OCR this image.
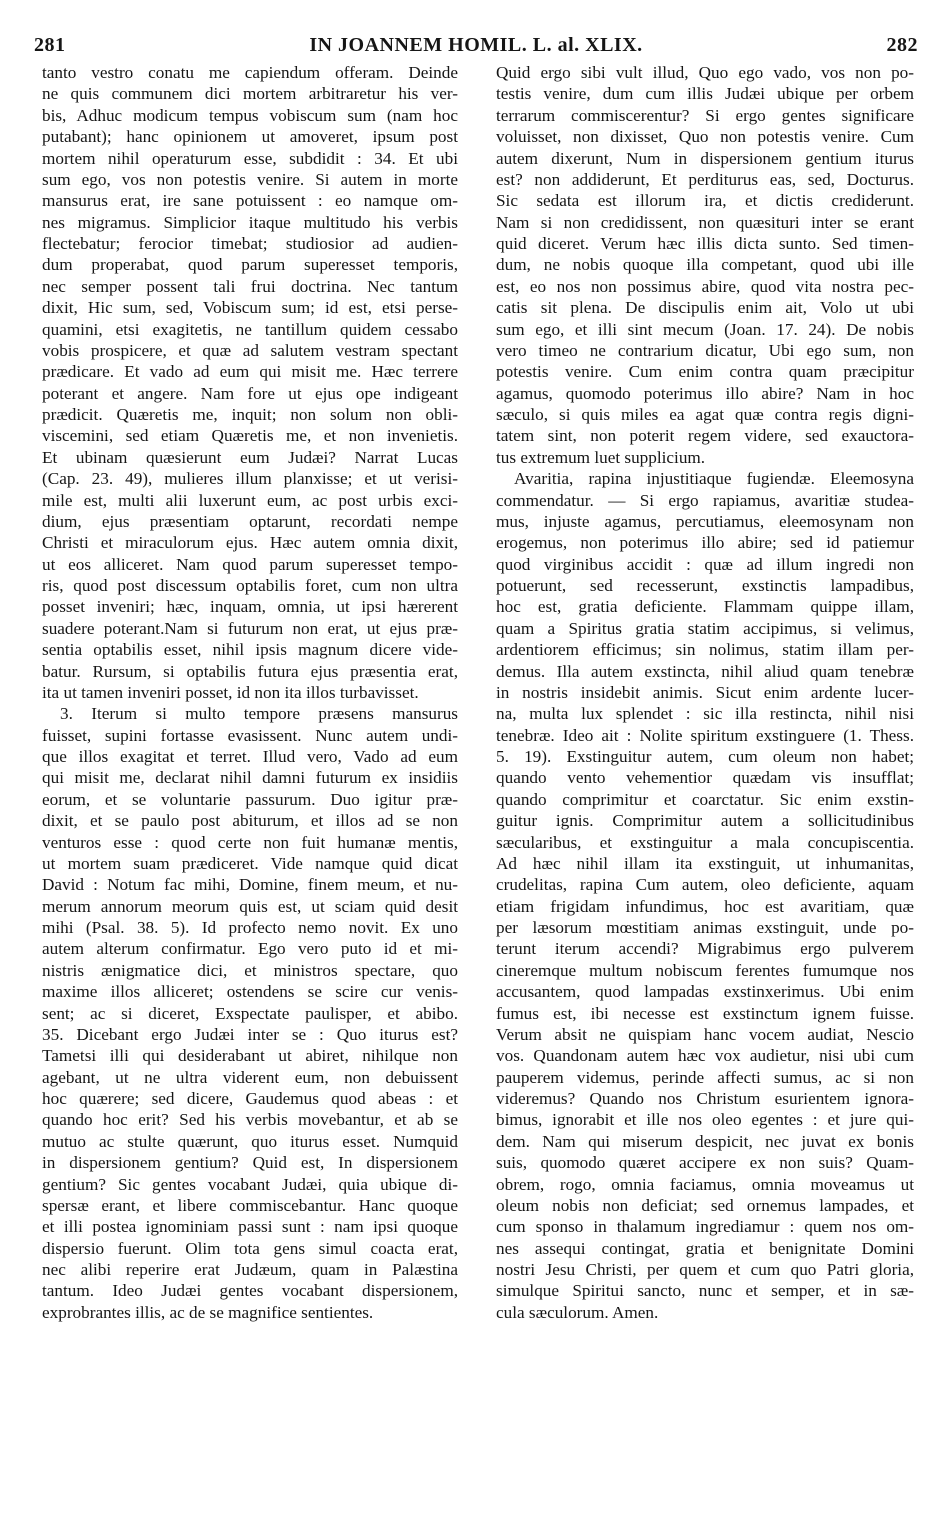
281	IN JOANNEM HOMIL. L. al. XLIX.	282
tanto vestro conatu me capiendum offeram. Deinde
ne quis communem dici mortem arbitraretur his ver-
bis, Adhuc modicum tempus vobiscum sum (nam hoc
putabant); hanc opinionem ut amoveret, ipsum post
mortem nihil operaturum esse, subdidit : 34. Et ubi
sum ego, vos non potestis venire. Si autem in morte
mansurus erat, ire sane potuissent : eo namque om-
nes migramus. Simplicior itaque multitudo his verbis
flectebatur; ferocior timebat; studiosior ad audien-
dum properabat, quod parum superesset temporis,
nec semper possent tali frui doctrina. Nec tantum
dixit, Hic sum, sed, Vobiscum sum; id est, etsi perse-
quamini, etsi exagitetis, ne tantillum quidem cessabo
vobis prospicere, et quæ ad salutem vestram spectant
prædicare. Et vado ad eum qui misit me. Hæc terrere
poterant et angere. Nam fore ut ejus ope indigeant
prædicit. Quæretis me, inquit; non solum non obli-
viscemini, sed etiam Quæretis me, et non invenietis.
Et ubinam quæsierunt eum Judæi? Narrat Lucas
(Cap. 23. 49), mulieres illum planxisse; et ut verisi-
mile est, multi alii luxerunt eum, ac post urbis exci-
dium, ejus præsentiam optarunt, recordati nempe
Christi et miraculorum ejus. Hæc autem omnia dixit,
ut eos alliceret. Nam quod parum superesset tempo-
ris, quod post discessum optabilis foret, cum non ultra
posset inveniri; hæc, inquam, omnia, ut ipsi hærerent
suadere poterant.Nam si futurum non erat, ut ejus præ-
sentia optabilis esset, nihil ipsis magnum dicere vide-
batur. Rursum, si optabilis futura ejus præsentia erat,
ita ut tamen inveniri posset, id non ita illos turbavisset.
3. Iterum si multo tempore præsens mansurus
fuisset, supini fortasse evasissent. Nunc autem undi-
que illos exagitat et terret. Illud vero, Vado ad eum
qui misit me, declarat nihil damni futurum ex insidiis
eorum, et se voluntarie passurum. Duo igitur præ-
dixit, et se paulo post abiturum, et illos ad se non
venturos esse : quod certe non fuit humanæ mentis,
ut mortem suam prædiceret. Vide namque quid dicat
David : Notum fac mihi, Domine, finem meum, et nu-
merum annorum meorum quis est, ut sciam quid desit
mihi (Psal. 38. 5). Id profecto nemo novit. Ex uno
autem alterum confirmatur. Ego vero puto id et mi-
nistris ænigmatice dici, et ministros spectare, quo
maxime illos alliceret; ostendens se scire cur venis-
sent; ac si diceret, Exspectate paulisper, et abibo.
35. Dicebant ergo Judæi inter se : Quo iturus est?
Tametsi illi qui desiderabant ut abiret, nihilque non
agebant, ut ne ultra viderent eum, non debuissent
hoc quærere; sed dicere, Gaudemus quod abeas : et
quando hoc erit? Sed his verbis movebantur, et ab se
mutuo ac stulte quærunt, quo iturus esset. Numquid
in dispersionem gentium? Quid est, In dispersionem
gentium? Sic gentes vocabant Judæi, quia ubique di-
spersæ erant, et libere commiscebantur. Hanc quoque
et illi postea ignominiam passi sunt : nam ipsi quoque
dispersio fuerunt. Olim tota gens simul coacta erat,
nec alibi reperire erat Judæum, quam in Palæstina
tantum. Ideo Judæi gentes vocabant dispersionem,
exprobrantes illis, ac de se magnifice sentientes.
Quid ergo sibi vult illud, Quo ego vado, vos non po-
testis venire, dum cum illis Judæi ubique per orbem
terrarum commiscerentur? Si ergo gentes significare
voluisset, non dixisset, Quo non potestis venire. Cum
autem dixerunt, Num in dispersionem gentium iturus
est? non addiderunt, Et perditurus eas, sed, Docturus.
Sic sedata est illorum ira, et dictis crediderunt.
Nam si non credidissent, non quæsituri inter se erant
quid diceret. Verum hæc illis dicta sunto. Sed timen-
dum, ne nobis quoque illa competant, quod ubi ille
est, eo nos non possimus abire, quod vita nostra pec-
catis sit plena. De discipulis enim ait, Volo ut ubi
sum ego, et illi sint mecum (Joan. 17. 24). De nobis
vero timeo ne contrarium dicatur, Ubi ego sum, non
potestis venire. Cum enim contra quam præcipitur
agamus, quomodo poterimus illo abire? Nam in hoc
sæculo, si quis miles ea agat quæ contra regis digni-
tatem sint, non poterit regem videre, sed exauctora-
tus extremum luet supplicium.
Avaritia, rapina injustitiaque fugiendæ. Eleemosyna
commendatur. — Si ergo rapiamus, avaritiæ studea-
mus, injuste agamus, percutiamus, eleemosynam non
erogemus, non poterimus illo abire; sed id patiemur
quod virginibus accidit : quæ ad illum ingredi non
potuerunt, sed recesserunt, exstinctis lampadibus,
hoc est, gratia deficiente. Flammam quippe illam,
quam a Spiritus gratia statim accipimus, si velimus,
ardentiorem efficimus; sin nolimus, statim illam per-
demus. Illa autem exstincta, nihil aliud quam tenebræ
in nostris insidebit animis. Sicut enim ardente lucer-
na, multa lux splendet : sic illa restincta, nihil nisi
tenebræ. Ideo ait : Nolite spiritum exstinguere (1. Thess.
5. 19). Exstinguitur autem, cum oleum non habet;
quando vento vehementior quædam vis insufflat;
quando comprimitur et coarctatur. Sic enim exstin-
guitur ignis. Comprimitur autem a sollicitudinibus
sæcularibus, et exstinguitur a mala concupiscentia.
Ad hæc nihil illam ita exstinguit, ut inhumanitas,
crudelitas, rapina Cum autem, oleo deficiente, aquam
etiam frigidam infundimus, hoc est avaritiam, quæ
per læsorum mœstitiam animas exstinguit, unde po-
terunt iterum accendi? Migrabimus ergo pulverem
cineremque multum nobiscum ferentes fumumque nos
accusantem, quod lampadas exstinxerimus. Ubi enim
fumus est, ibi necesse est exstinctum ignem fuisse.
Verum absit ne quispiam hanc vocem audiat, Nescio
vos. Quandonam autem hæc vox audietur, nisi ubi cum
pauperem videmus, perinde affecti sumus, ac si non
videremus? Quando nos Christum esurientem ignora-
bimus, ignorabit et ille nos oleo egentes : et jure qui-
dem. Nam qui miserum despicit, nec juvat ex bonis
suis, quomodo quæret accipere ex non suis? Quam-
obrem, rogo, omnia faciamus, omnia moveamus ut
oleum nobis non deficiat; sed ornemus lampades, et
cum sponso in thalamum ingrediamur : quem nos om-
nes assequi contingat, gratia et benignitate Domini
nostri Jesu Christi, per quem et cum quo Patri gloria,
simulque Spiritui sancto, nunc et semper, et in sæ-
cula sæculorum. Amen.
